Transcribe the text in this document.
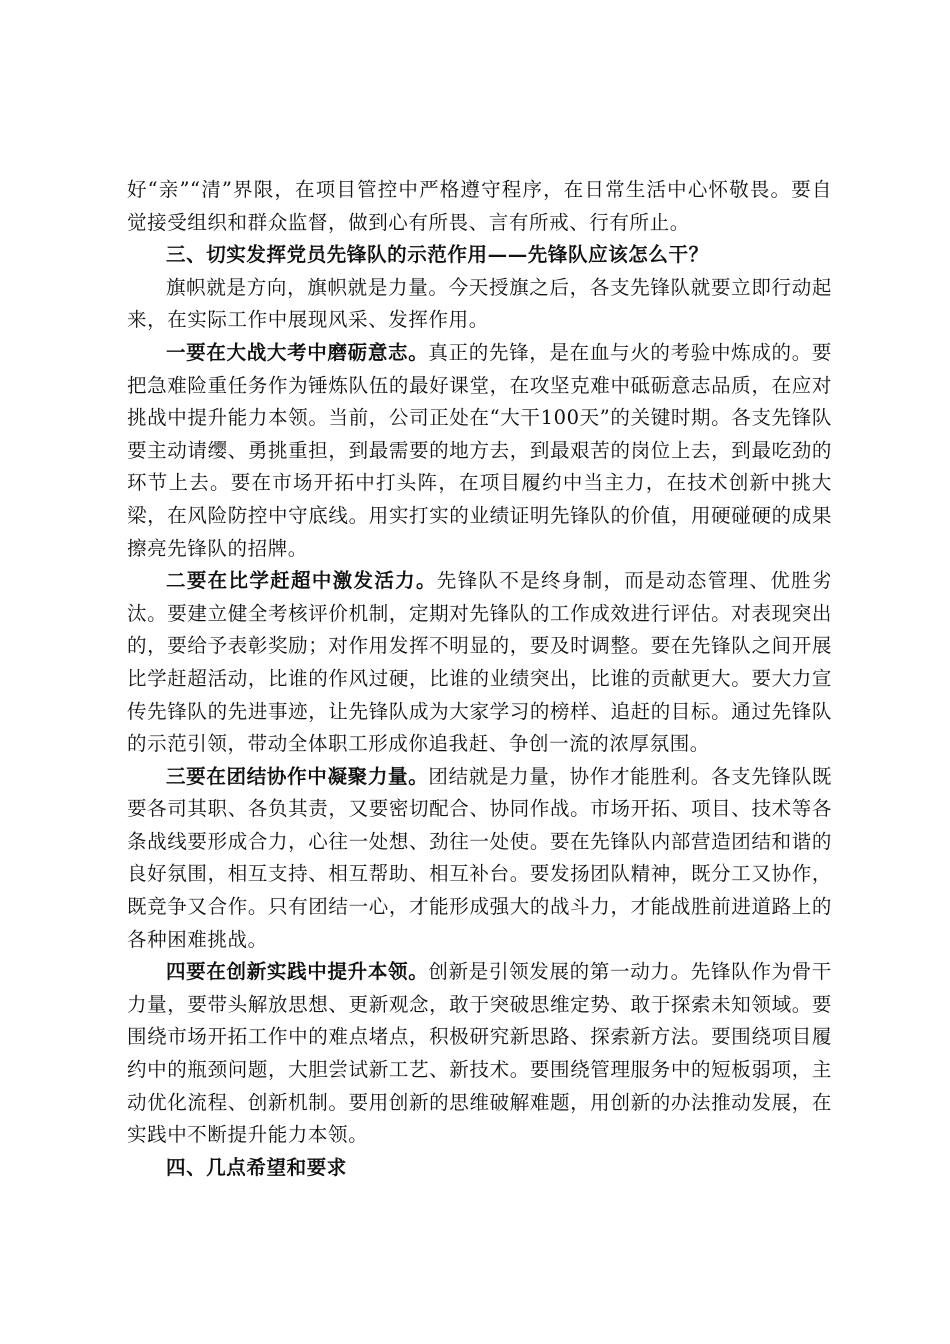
好“亲”“清”界限，在项目管控中严格遵守程序，在日常生活中心怀敬畏。要自觉接受组织和群众监督，做到心有所畏、言有所戒、行有所止。

三、切实发挥党员先锋队的示范作用——先锋队应该怎么干？

旗帜就是方向，旗帜就是力量。今天授旗之后，各支先锋队就要立即行动起来，在实际工作中展现风采、发挥作用。

一要在大战大考中磨砺意志。真正的先锋，是在血与火的考验中炼成的。要把急难险重任务作为锤炼队伍的最好课堂，在攻坚克难中砥砺意志品质，在应对挑战中提升能力本领。当前，公司正处在“大干100天”的关键时期。各支先锋队要主动请缨、勇挑重担，到最需要的地方去，到最艰苦的岗位上去，到最吃劲的环节上去。要在市场开拓中打头阵，在项目履约中当主力，在技术创新中挑大梁，在风险防控中守底线。用实打实的业绩证明先锋队的价值，用硬碰硬的成果擦亮先锋队的招牌。

二要在比学赶超中激发活力。先锋队不是终身制，而是动态管理、优胜劣汰。要建立健全考核评价机制，定期对先锋队的工作成效进行评估。对表现突出的，要给予表彰奖励；对作用发挥不明显的，要及时调整。要在先锋队之间开展比学赶超活动，比谁的作风过硬，比谁的业绩突出，比谁的贡献更大。要大力宣传先锋队的先进事迹，让先锋队成为大家学习的榜样、追赶的目标。通过先锋队的示范引领，带动全体职工形成你追我赶、争创一流的浓厚氛围。

三要在团结协作中凝聚力量。团结就是力量，协作才能胜利。各支先锋队既要各司其职、各负其责，又要密切配合、协同作战。市场开拓、项目、技术等各条战线要形成合力，心往一处想、劲往一处使。要在先锋队内部营造团结和谐的良好氛围，相互支持、相互帮助、相互补台。要发扬团队精神，既分工又协作，既竞争又合作。只有团结一心，才能形成强大的战斗力，才能战胜前进道路上的各种困难挑战。

四要在创新实践中提升本领。创新是引领发展的第一动力。先锋队作为骨干力量，要带头解放思想、更新观念，敢于突破思维定势、敢于探索未知领域。要围绕市场开拓工作中的难点堵点，积极研究新思路、探索新方法。要围绕项目履约中的瓶颈问题，大胆尝试新工艺、新技术。要围绕管理服务中的短板弱项，主动优化流程、创新机制。要用创新的思维破解难题，用创新的办法推动发展，在实践中不断提升能力本领。

四、几点希望和要求
